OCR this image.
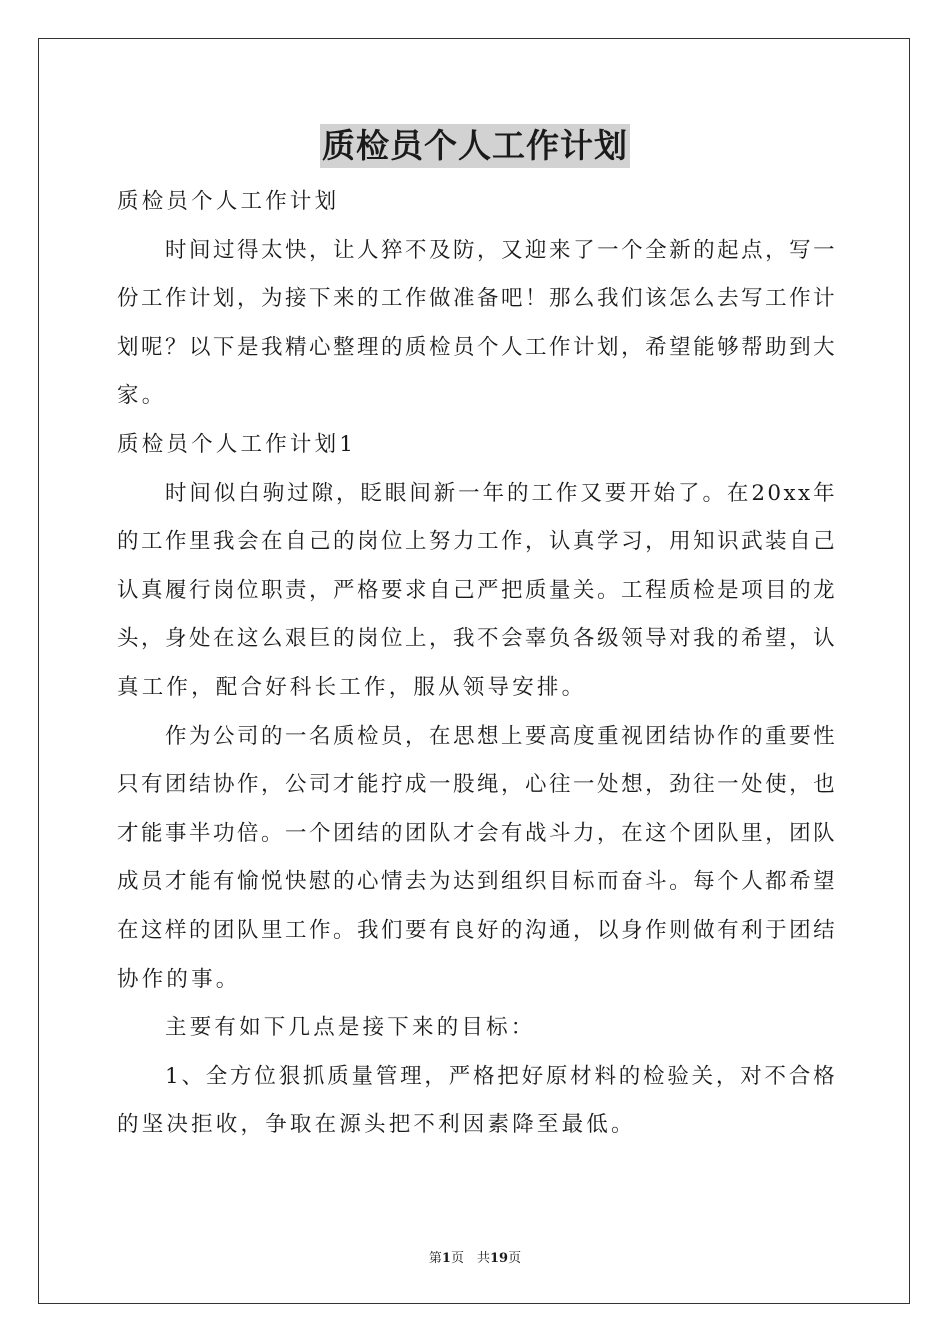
质检员个人工作计划
质检员个人工作计划
时间过得太快，让人猝不及防，又迎来了一个全新的起点，写一
份工作计划，为接下来的工作做准备吧！那么我们该怎么去写工作计
划呢？以下是我精心整理的质检员个人工作计划，希望能够帮助到大
家。
质检员个人工作计划1
时间似白驹过隙，眨眼间新一年的工作又要开始了。在20xx年
的工作里我会在自己的岗位上努力工作，认真学习，用知识武装自己
认真履行岗位职责，严格要求自己严把质量关。工程质检是项目的龙
头，身处在这么艰巨的岗位上，我不会辜负各级领导对我的希望，认
真工作，配合好科长工作，服从领导安排。
作为公司的一名质检员，在思想上要高度重视团结协作的重要性
只有团结协作，公司才能拧成一股绳，心往一处想，劲往一处使，也
才能事半功倍。一个团结的团队才会有战斗力，在这个团队里，团队
成员才能有愉悦快慰的心情去为达到组织目标而奋斗。每个人都希望
在这样的团队里工作。我们要有良好的沟通，以身作则做有利于团结
协作的事。
主要有如下几点是接下来的目标：
1、全方位狠抓质量管理，严格把好原材料的检验关，对不合格
的坚决拒收，争取在源头把不利因素降至最低。
第1页　共19页
